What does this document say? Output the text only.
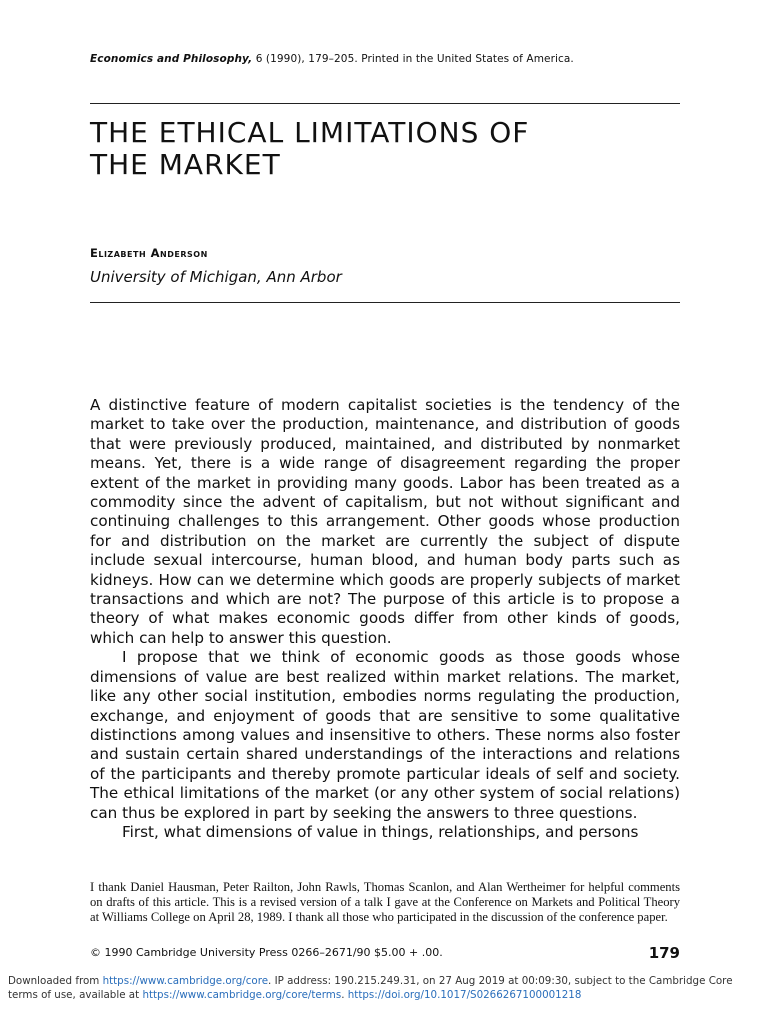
Economics and Philosophy, 6 (1990), 179–205. Printed in the United States of America.
THE ETHICAL LIMITATIONS OF
THE MARKET
Elizabeth Anderson
University of Michigan, Ann Arbor

A distinctive feature of modern capitalist societies is the tendency of the market to take over the production, maintenance, and distribution of goods that were previously produced, maintained, and distributed by nonmarket means. Yet, there is a wide range of disagreement regarding the proper extent of the market in providing many goods. Labor has been treated as a commodity since the advent of capitalism, but not without significant and continuing challenges to this arrangement. Other goods whose production for and distribution on the market are currently the subject of dispute include sexual intercourse, human blood, and human body parts such as kidneys. How can we determine which goods are properly subjects of market transactions and which are not? The purpose of this article is to propose a theory of what makes economic goods differ from other kinds of goods, which can help to answer this question.

I propose that we think of economic goods as those goods whose dimensions of value are best realized within market relations. The market, like any other social institution, embodies norms regulating the production, exchange, and enjoyment of goods that are sensitive to some qualitative distinctions among values and insensitive to others. These norms also foster and sustain certain shared understandings of the interactions and relations of the participants and thereby promote particular ideals of self and society. The ethical limitations of the market (or any other system of social relations) can thus be explored in part by seeking the answers to three questions.

First, what dimensions of value in things, relationships, and persons

I thank Daniel Hausman, Peter Railton, John Rawls, Thomas Scanlon, and Alan Wertheimer for helpful comments on drafts of this article. This is a revised version of a talk I gave at the Conference on Markets and Political Theory at Williams College on April 28, 1989. I thank all those who participated in the discussion of the conference paper.
© 1990 Cambridge University Press 0266–2671/90 $5.00 + .00.	179
Downloaded from https://www.cambridge.org/core. IP address: 190.215.249.31, on 27 Aug 2019 at 00:09:30, subject to the Cambridge Core terms of use, available at https://www.cambridge.org/core/terms. https://doi.org/10.1017/S0266267100001218
